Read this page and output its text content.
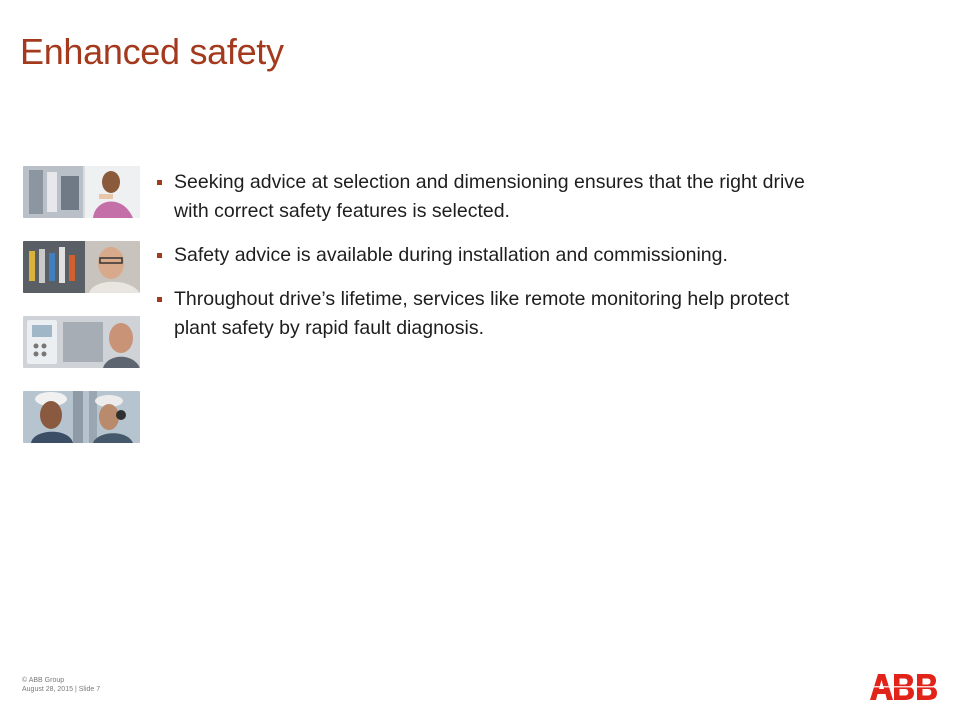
Enhanced safety
Seeking advice at selection and dimensioning ensures that the right drive with correct safety features is selected.
Safety advice is available during installation and commissioning.
Throughout drive’s lifetime, services like remote monitoring help protect plant safety by rapid fault diagnosis.
© ABB Group
August 28, 2015 | Slide 7
